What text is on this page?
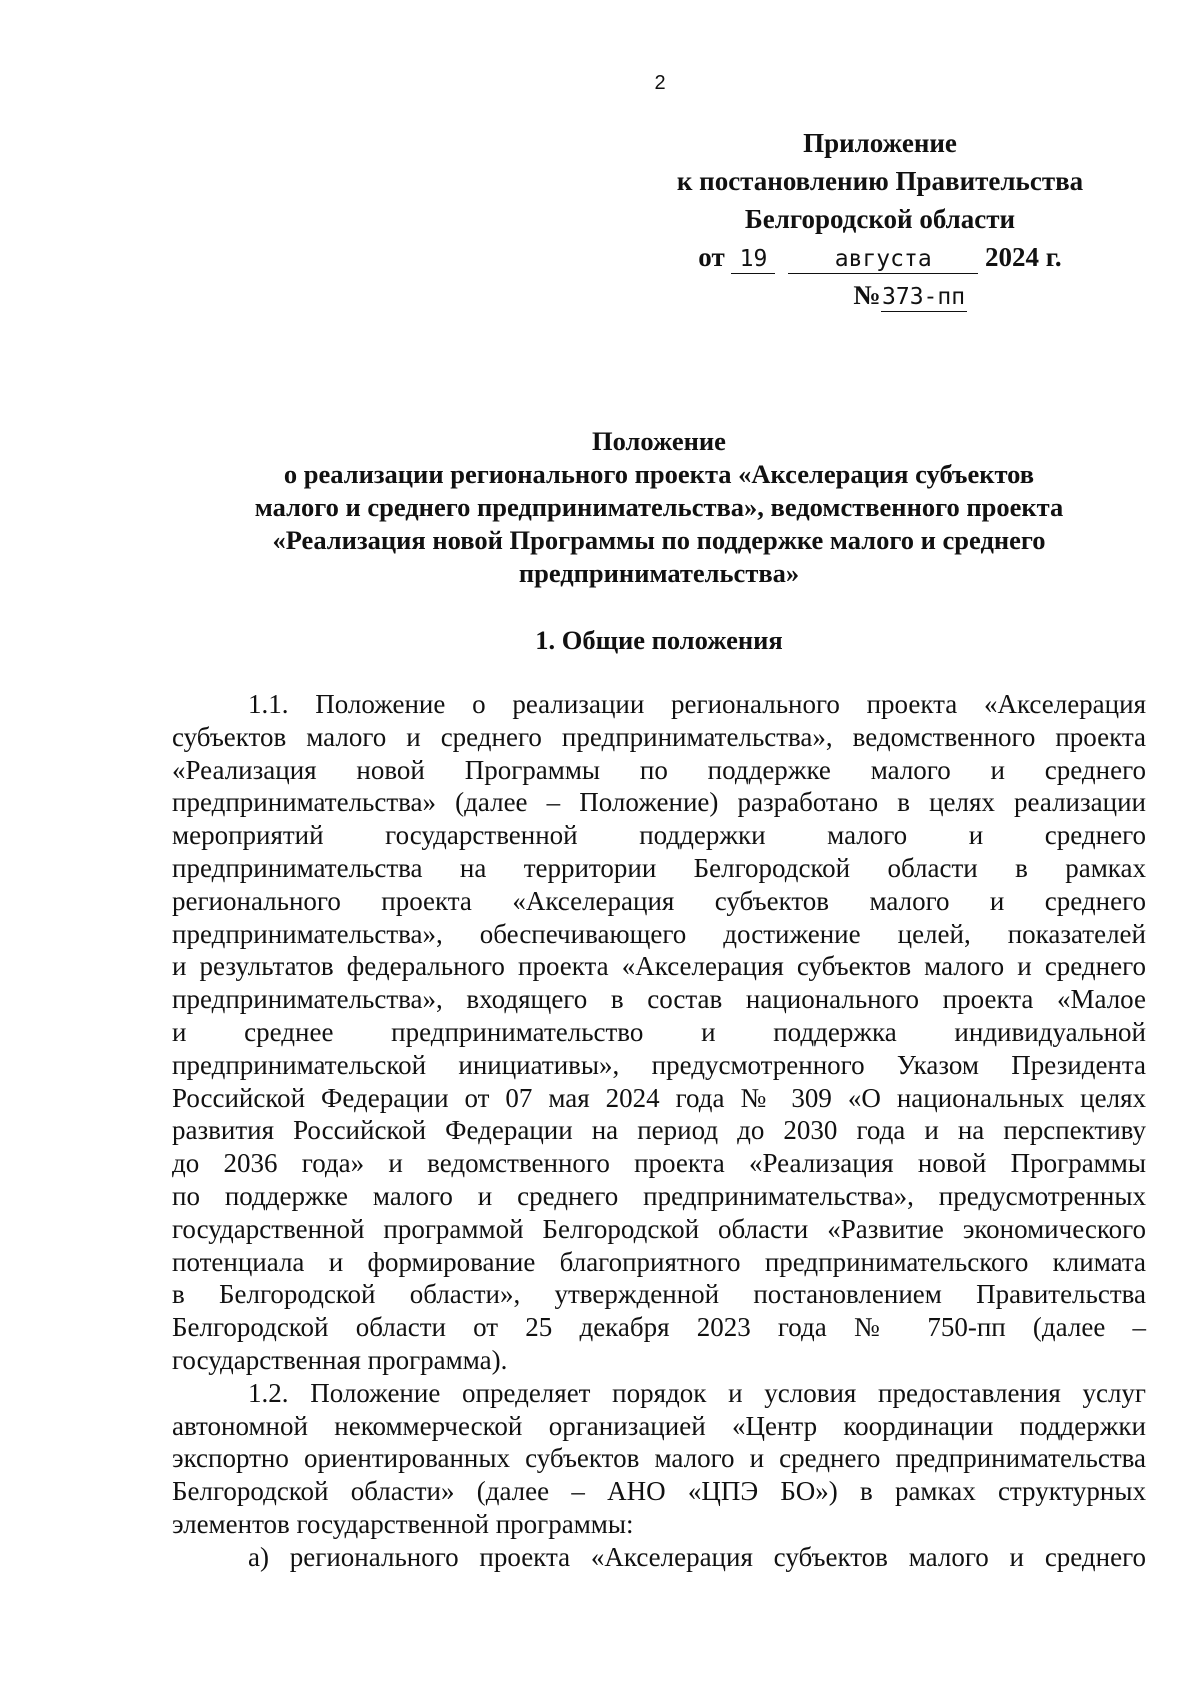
2
Приложение
к постановлению Правительства
Белгородской области
от 19	августа 2024 г.
№373-пп
Положение
о реализации регионального проекта «Акселерация субъектов
малого и среднего предпринимательства», ведомственного проекта
«Реализация новой Программы по поддержке малого и среднего
предпринимательства»
1. Общие положения
1.1. Положение о реализации регионального проекта «Акселерация
субъектов малого и среднего предпринимательства», ведомственного проекта
«Реализация новой Программы по поддержке малого и среднего
предпринимательства» (далее – Положение) разработано в целях реализации
мероприятий государственной поддержки малого и среднего
предпринимательства на территории Белгородской области в рамках
регионального проекта «Акселерация субъектов малого и среднего
предпринимательства», обеспечивающего достижение целей, показателей
и результатов федерального проекта «Акселерация субъектов малого и среднего
предпринимательства», входящего в состав национального проекта «Малое
и среднее предпринимательство и поддержка индивидуальной
предпринимательской инициативы», предусмотренного Указом Президента
Российской Федерации от 07 мая 2024 года № 309 «О национальных целях
развития Российской Федерации на период до 2030 года и на перспективу
до 2036 года» и ведомственного проекта «Реализация новой Программы
по поддержке малого и среднего предпринимательства», предусмотренных
государственной программой Белгородской области «Развитие экономического
потенциала и формирование благоприятного предпринимательского климата
в Белгородской области», утвержденной постановлением Правительства
Белгородской области от 25 декабря 2023 года № 750-пп (далее –
государственная программа).
1.2. Положение определяет порядок и условия предоставления услуг
автономной некоммерческой организацией «Центр координации поддержки
экспортно ориентированных субъектов малого и среднего предпринимательства
Белгородской области» (далее – АНО «ЦПЭ БО») в рамках структурных
элементов государственной программы:
а) регионального проекта «Акселерация субъектов малого и среднего
